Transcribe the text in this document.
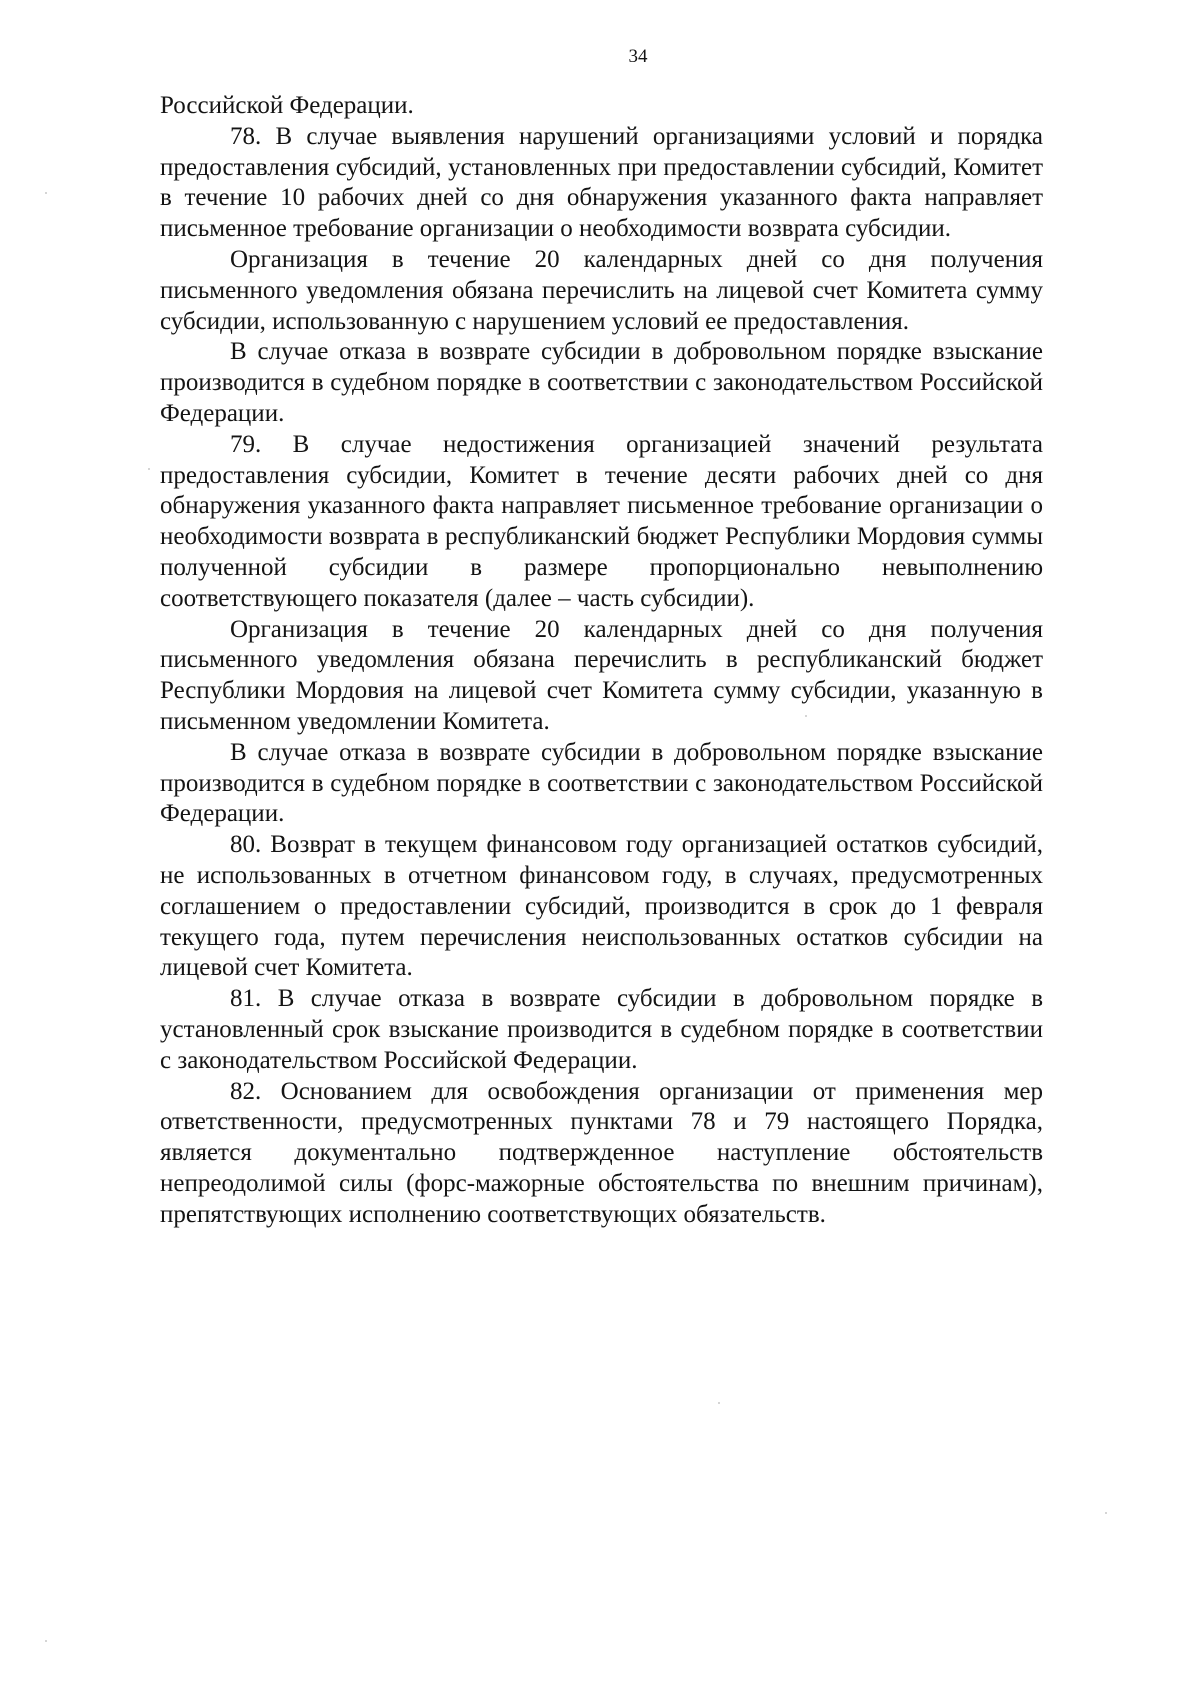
34

Российской Федерации.

78. В случае выявления нарушений организациями условий и порядка предоставления субсидий, установленных при предоставлении субсидий, Комитет в течение 10 рабочих дней со дня обнаружения указанного факта направляет письменное требование организации о необходимости возврата субсидии.

Организация в течение 20 календарных дней со дня получения письменного уведомления обязана перечислить на лицевой счет Комитета сумму субсидии, использованную с нарушением условий ее предоставления.

В случае отказа в возврате субсидии в добровольном порядке взыскание производится в судебном порядке в соответствии с законодательством Российской Федерации.

79. В случае недостижения организацией значений результата предоставления субсидии, Комитет в течение десяти рабочих дней со дня обнаружения указанного факта направляет письменное требование организации о необходимости возврата в республиканский бюджет Республики Мордовия суммы полученной субсидии в размере пропорционально невыполнению соответствующего показателя (далее – часть субсидии).

Организация в течение 20 календарных дней со дня получения письменного уведомления обязана перечислить в республиканский бюджет Республики Мордовия на лицевой счет Комитета сумму субсидии, указанную в письменном уведомлении Комитета.

В случае отказа в возврате субсидии в добровольном порядке взыскание производится в судебном порядке в соответствии с законодательством Российской Федерации.

80. Возврат в текущем финансовом году организацией остатков субсидий, не использованных в отчетном финансовом году, в случаях, предусмотренных соглашением о предоставлении субсидий, производится в срок до 1 февраля текущего года, путем перечисления неиспользованных остатков субсидии на лицевой счет Комитета.

81. В случае отказа в возврате субсидии в добровольном порядке в установленный срок взыскание производится в судебном порядке в соответствии с законодательством Российской Федерации.

82. Основанием для освобождения организации от применения мер ответственности, предусмотренных пунктами 78 и 79 настоящего Порядка, является документально подтвержденное наступление обстоятельств непреодолимой силы (форс-мажорные обстоятельства по внешним причинам), препятствующих исполнению соответствующих обязательств.
